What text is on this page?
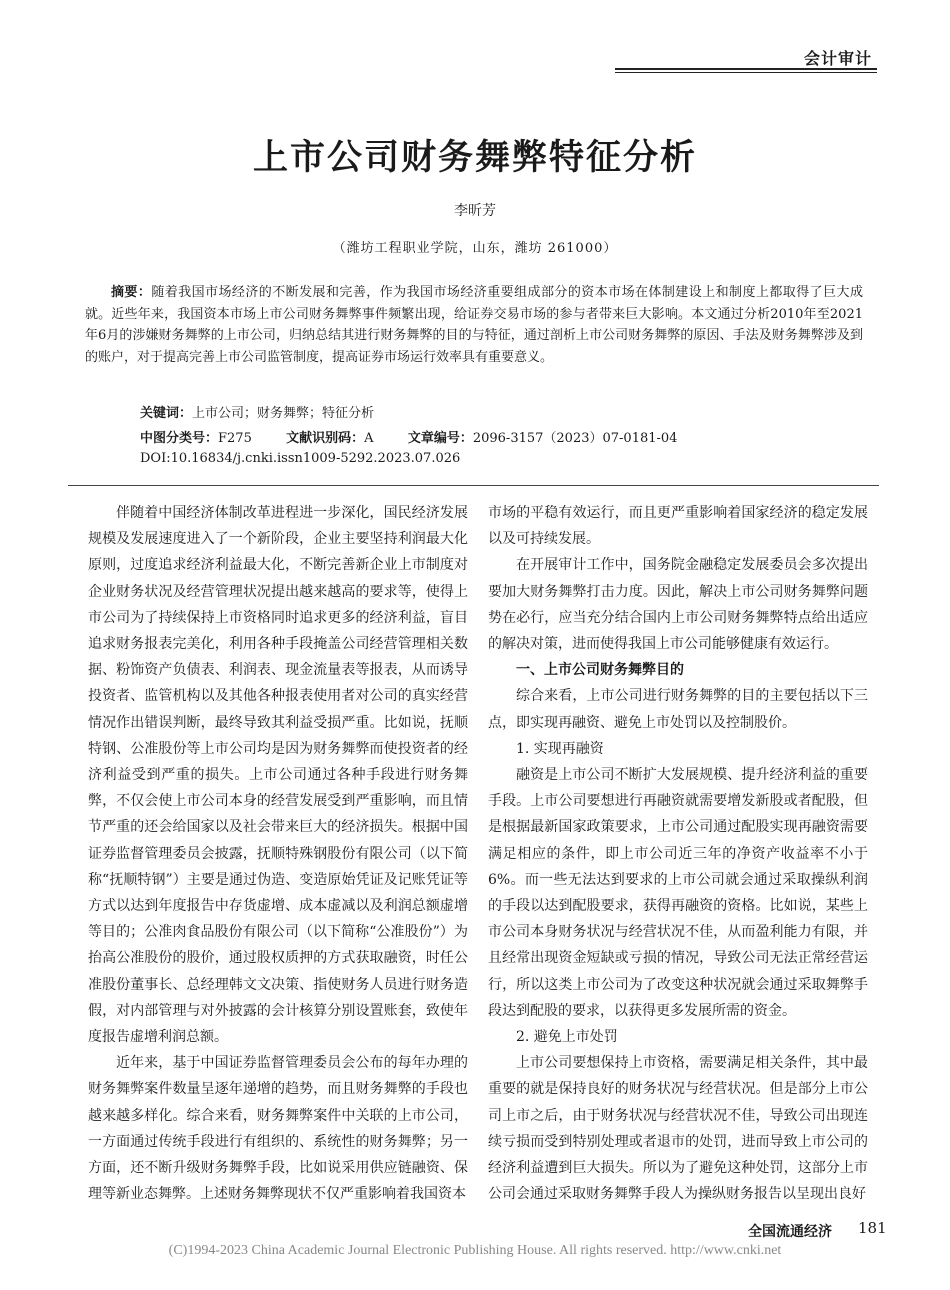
会计审计
上市公司财务舞弊特征分析
李昕芳
（潍坊工程职业学院，山东，潍坊 261000）

摘要：随着我国市场经济的不断发展和完善，作为我国市场经济重要组成部分的资本市场在体制建设上和制度上都取得了巨大成就。近些年来，我国资本市场上市公司财务舞弊事件频繁出现，给证券交易市场的参与者带来巨大影响。本文通过分析2010年至2021年6月的涉嫌财务舞弊的上市公司，归纳总结其进行财务舞弊的目的与特征，通过剖析上市公司财务舞弊的原因、手法及财务舞弊涉及到的账户，对于提高完善上市公司监管制度，提高证券市场运行效率具有重要意义。

关键词：上市公司；财务舞弊；特征分析
中图分类号：F275	文献识别码：A	文章编号：2096-3157（2023）07-0181-04
DOI:10.16834/j.cnki.issn1009-5292.2023.07.026

伴随着中国经济体制改革进程进一步深化，国民经济发展规模及发展速度进入了一个新阶段，企业主要坚持利润最大化原则，过度追求经济利益最大化，不断完善新企业上市制度对企业财务状况及经营管理状况提出越来越高的要求等，使得上市公司为了持续保持上市资格同时追求更多的经济利益，盲目追求财务报表完美化，利用各种手段掩盖公司经营管理相关数据、粉饰资产负债表、利润表、现金流量表等报表，从而诱导投资者、监管机构以及其他各种报表使用者对公司的真实经营情况作出错误判断，最终导致其利益受损严重。比如说，抚顺特钢、公准股份等上市公司均是因为财务舞弊而使投资者的经济利益受到严重的损失。上市公司通过各种手段进行财务舞弊，不仅会使上市公司本身的经营发展受到严重影响，而且情节严重的还会给国家以及社会带来巨大的经济损失。根据中国证券监督管理委员会披露，抚顺特殊钢股份有限公司（以下简称“抚顺特钢”）主要是通过伪造、变造原始凭证及记账凭证等方式以达到年度报告中存货虚增、成本虚减以及利润总额虚增等目的；公准肉食品股份有限公司（以下简称“公准股份”）为抬高公准股份的股价，通过股权质押的方式获取融资，时任公准股份董事长、总经理韩文文决策、指使财务人员进行财务造假，对内部管理与对外披露的会计核算分别设置账套，致使年度报告虚增利润总额。

近年来，基于中国证券监督管理委员会公布的每年办理的财务舞弊案件数量呈逐年递增的趋势，而且财务舞弊的手段也越来越多样化。综合来看，财务舞弊案件中关联的上市公司，一方面通过传统手段进行有组织的、系统性的财务舞弊；另一方面，还不断升级财务舞弊手段，比如说采用供应链融资、保理等新业态舞弊。上述财务舞弊现状不仅严重影响着我国资本

市场的平稳有效运行，而且更严重影响着国家经济的稳定发展以及可持续发展。

在开展审计工作中，国务院金融稳定发展委员会多次提出要加大财务舞弊打击力度。因此，解决上市公司财务舞弊问题势在必行，应当充分结合国内上市公司财务舞弊特点给出适应的解决对策，进而使得我国上市公司能够健康有效运行。

一、上市公司财务舞弊目的

综合来看，上市公司进行财务舞弊的目的主要包括以下三点，即实现再融资、避免上市处罚以及控制股价。

1. 实现再融资

融资是上市公司不断扩大发展规模、提升经济利益的重要手段。上市公司要想进行再融资就需要增发新股或者配股，但是根据最新国家政策要求，上市公司通过配股实现再融资需要满足相应的条件，即上市公司近三年的净资产收益率不小于6%。而一些无法达到要求的上市公司就会通过采取操纵利润的手段以达到配股要求，获得再融资的资格。比如说，某些上市公司本身财务状况与经营状况不佳，从而盈利能力有限，并且经常出现资金短缺或亏损的情况，导致公司无法正常经营运行，所以这类上市公司为了改变这种状况就会通过采取舞弊手段达到配股的要求，以获得更多发展所需的资金。

2. 避免上市处罚

上市公司要想保持上市资格，需要满足相关条件，其中最重要的就是保持良好的财务状况与经营状况。但是部分上市公司上市之后，由于财务状况与经营状况不佳，导致公司出现连续亏损而受到特别处理或者退市的处罚，进而导致上市公司的经济利益遭到巨大损失。所以为了避免这种处罚，这部分上市公司会通过采取财务舞弊手段人为操纵财务报告以呈现出良好

全国流通经济 181
(C)1994-2023 China Academic Journal Electronic Publishing House. All rights reserved. http://www.cnki.net
